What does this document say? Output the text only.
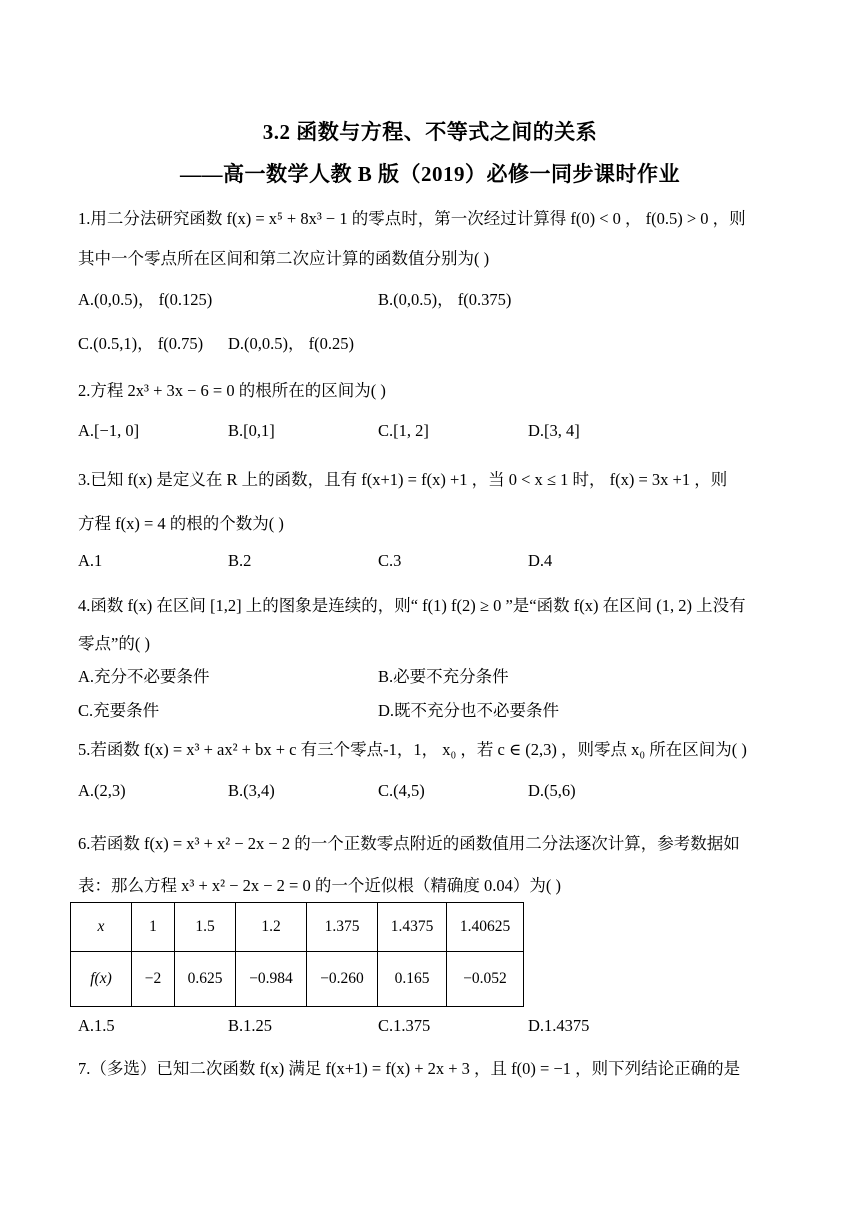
3.2 函数与方程、不等式之间的关系
——高一数学人教 B 版（2019）必修一同步课时作业
1.用二分法研究函数 f(x) = x⁵ + 8x³ − 1 的零点时，第一次经过计算得 f(0) < 0 ， f(0.5) > 0 ，则
其中一个零点所在区间和第二次应计算的函数值分别为( )
A.(0,0.5)， f(0.125)	B.(0,0.5)， f(0.375)
C.(0.5,1)， f(0.75) D.(0,0.5)， f(0.25)
2.方程 2x³ + 3x − 6 = 0 的根所在的区间为( )
A.[−1, 0]	B.[0,1]	C.[1, 2]	D.[3, 4]
3.已知 f(x) 是定义在 R 上的函数，且有 f(x+1) = f(x) +1 ，当 0 < x ≤ 1 时， f(x) = 3x +1 ，则
方程 f(x) = 4 的根的个数为( )
A.1	B.2	C.3	D.4
4.函数 f(x) 在区间 [1,2] 上的图象是连续的，则“ f(1) f(2) ≥ 0 ”是“函数 f(x) 在区间 (1, 2) 上没有
零点”的( )
A.充分不必要条件	B.必要不充分条件
C.充要条件	D.既不充分也不必要条件
5.若函数 f(x) = x³ + ax² + bx + c 有三个零点-1，1， x₀ ，若 c ∈ (2,3) ，则零点 x₀ 所在区间为( )
A.(2,3)	B.(3,4)	C.(4,5)	D.(5,6)
6.若函数 f(x) = x³ + x² − 2x − 2 的一个正数零点附近的函数值用二分法逐次计算，参考数据如
表：那么方程 x³ + x² − 2x − 2 = 0 的一个近似根（精确度 0.04）为( )
x	1	1.5	1.2	1.375	1.4375	1.40625
f(x)	−2	0.625	−0.984	−0.260	0.165	−0.052
A.1.5	B.1.25	C.1.375	D.1.4375
7.（多选）已知二次函数 f(x) 满足 f(x+1) = f(x) + 2x + 3 ，且 f(0) = −1 ，则下列结论正确的是
